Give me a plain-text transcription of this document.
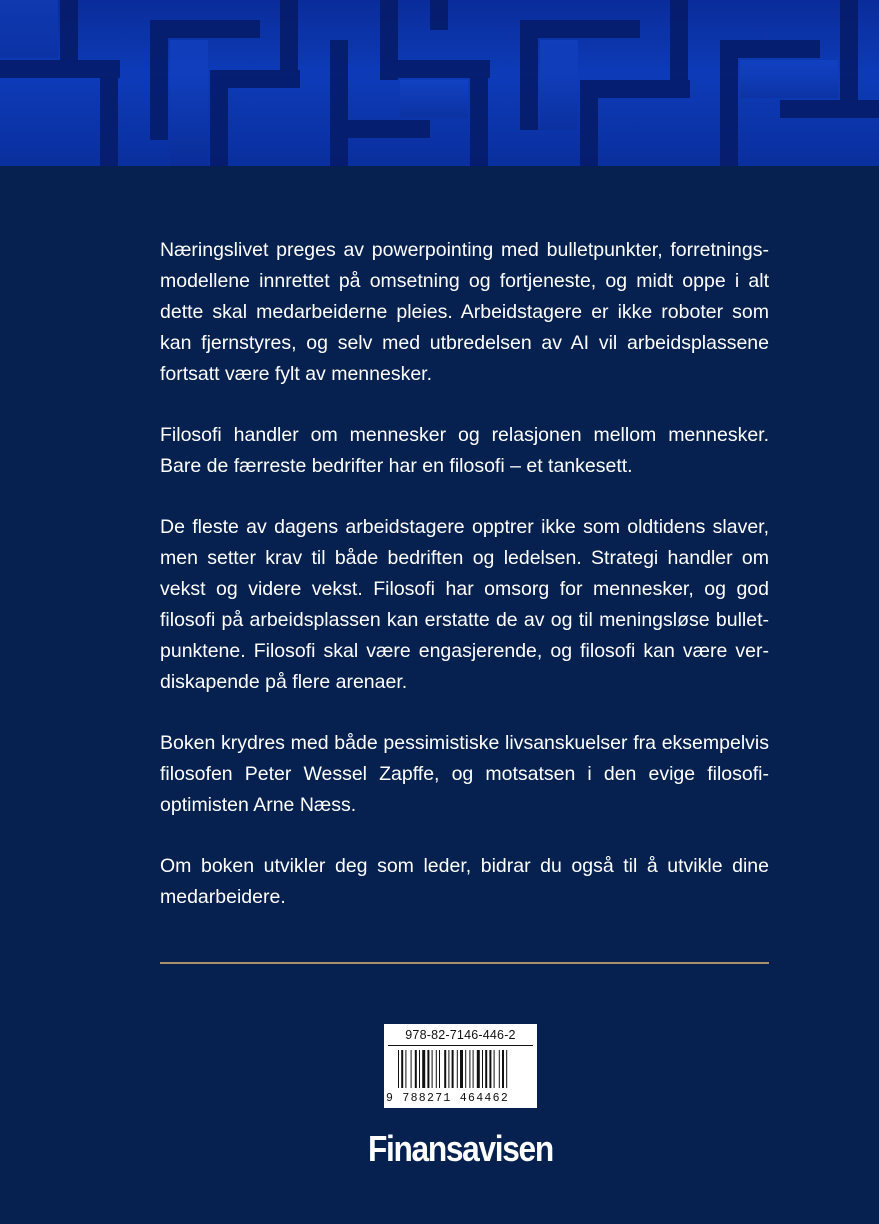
Næringslivet preges av powerpointing med bulletpunkter, forretningsmodellene innrettet på omsetning og fortjeneste, og midt oppe i alt dette skal medarbeiderne pleies. Arbeidstagere er ikke roboter som kan fjernstyres, og selv med utbredelsen av AI vil arbeidsplassene fortsatt være fylt av mennesker.

Filosofi handler om mennesker og relasjonen mellom mennesker. Bare de færreste bedrifter har en filosofi – et tankesett.

De fleste av dagens arbeidstagere opptrer ikke som oldtidens slaver, men setter krav til både bedriften og ledelsen. Strategi handler om vekst og videre vekst. Filosofi har omsorg for mennesker, og god filosofi på arbeidsplassen kan erstatte de av og til meningsløse bulletpunktene. Filosofi skal være engasjerende, og filosofi kan være verdiskapende på flere arenaer.

Boken krydres med både pessimistiske livsanskuelser fra eksempelvis filosofen Peter Wessel Zapffe, og motsatsen i den evige filosofi-optimisten Arne Næss.

Om boken utvikler deg som leder, bidrar du også til å utvikle dine medarbeidere.

978-82-7146-446-2
9 788271 464462
Finansavisen
